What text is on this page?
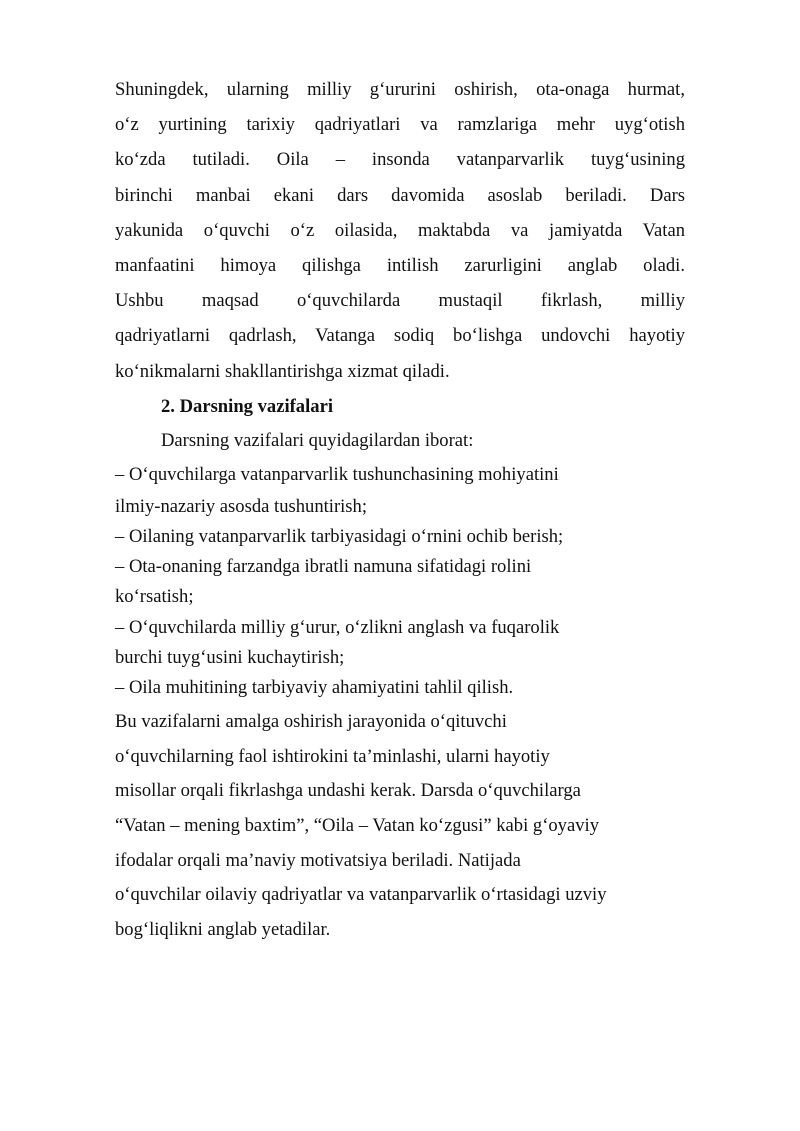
Shuningdek, ularning milliy g‘ururini oshirish, ota-onaga hurmat,
o‘z yurtining tarixiy qadriyatlari va ramzlariga mehr uyg‘otish
ko‘zda tutiladi. Oila – insonda vatanparvarlik tuyg‘usining
birinchi manbai ekani dars davomida asoslab beriladi. Dars
yakunida o‘quvchi o‘z oilasida, maktabda va jamiyatda Vatan
manfaatini himoya qilishga intilish zarurligini anglab oladi.
Ushbu maqsad o‘quvchilarda mustaqil fikrlash, milliy
qadriyatlarni qadrlash, Vatanga sodiq bo‘lishga undovchi hayotiy
ko‘nikmalarni shakllantirishga xizmat qiladi.
2. Darsning vazifalari
Darsning vazifalari quyidagilardan iborat:
– O‘quvchilarga vatanparvarlik tushunchasining mohiyatini
ilmiy-nazariy asosda tushuntirish;
– Oilaning vatanparvarlik tarbiyasidagi o‘rnini ochib berish;
– Ota-onaning farzandga ibratli namuna sifatidagi rolini
ko‘rsatish;
– O‘quvchilarda milliy g‘urur, o‘zlikni anglash va fuqarolik
burchi tuyg‘usini kuchaytirish;
– Oila muhitining tarbiyaviy ahamiyatini tahlil qilish.
Bu vazifalarni amalga oshirish jarayonida o‘qituvchi
o‘quvchilarning faol ishtirokini ta’minlashi, ularni hayotiy
misollar orqali fikrlashga undashi kerak. Darsda o‘quvchilarga
“Vatan – mening baxtim”, “Oila – Vatan ko‘zgusi” kabi g‘oyaviy
ifodalar orqali ma’naviy motivatsiya beriladi. Natijada
o‘quvchilar oilaviy qadriyatlar va vatanparvarlik o‘rtasidagi uzviy
bog‘liqlikni anglab yetadilar.
